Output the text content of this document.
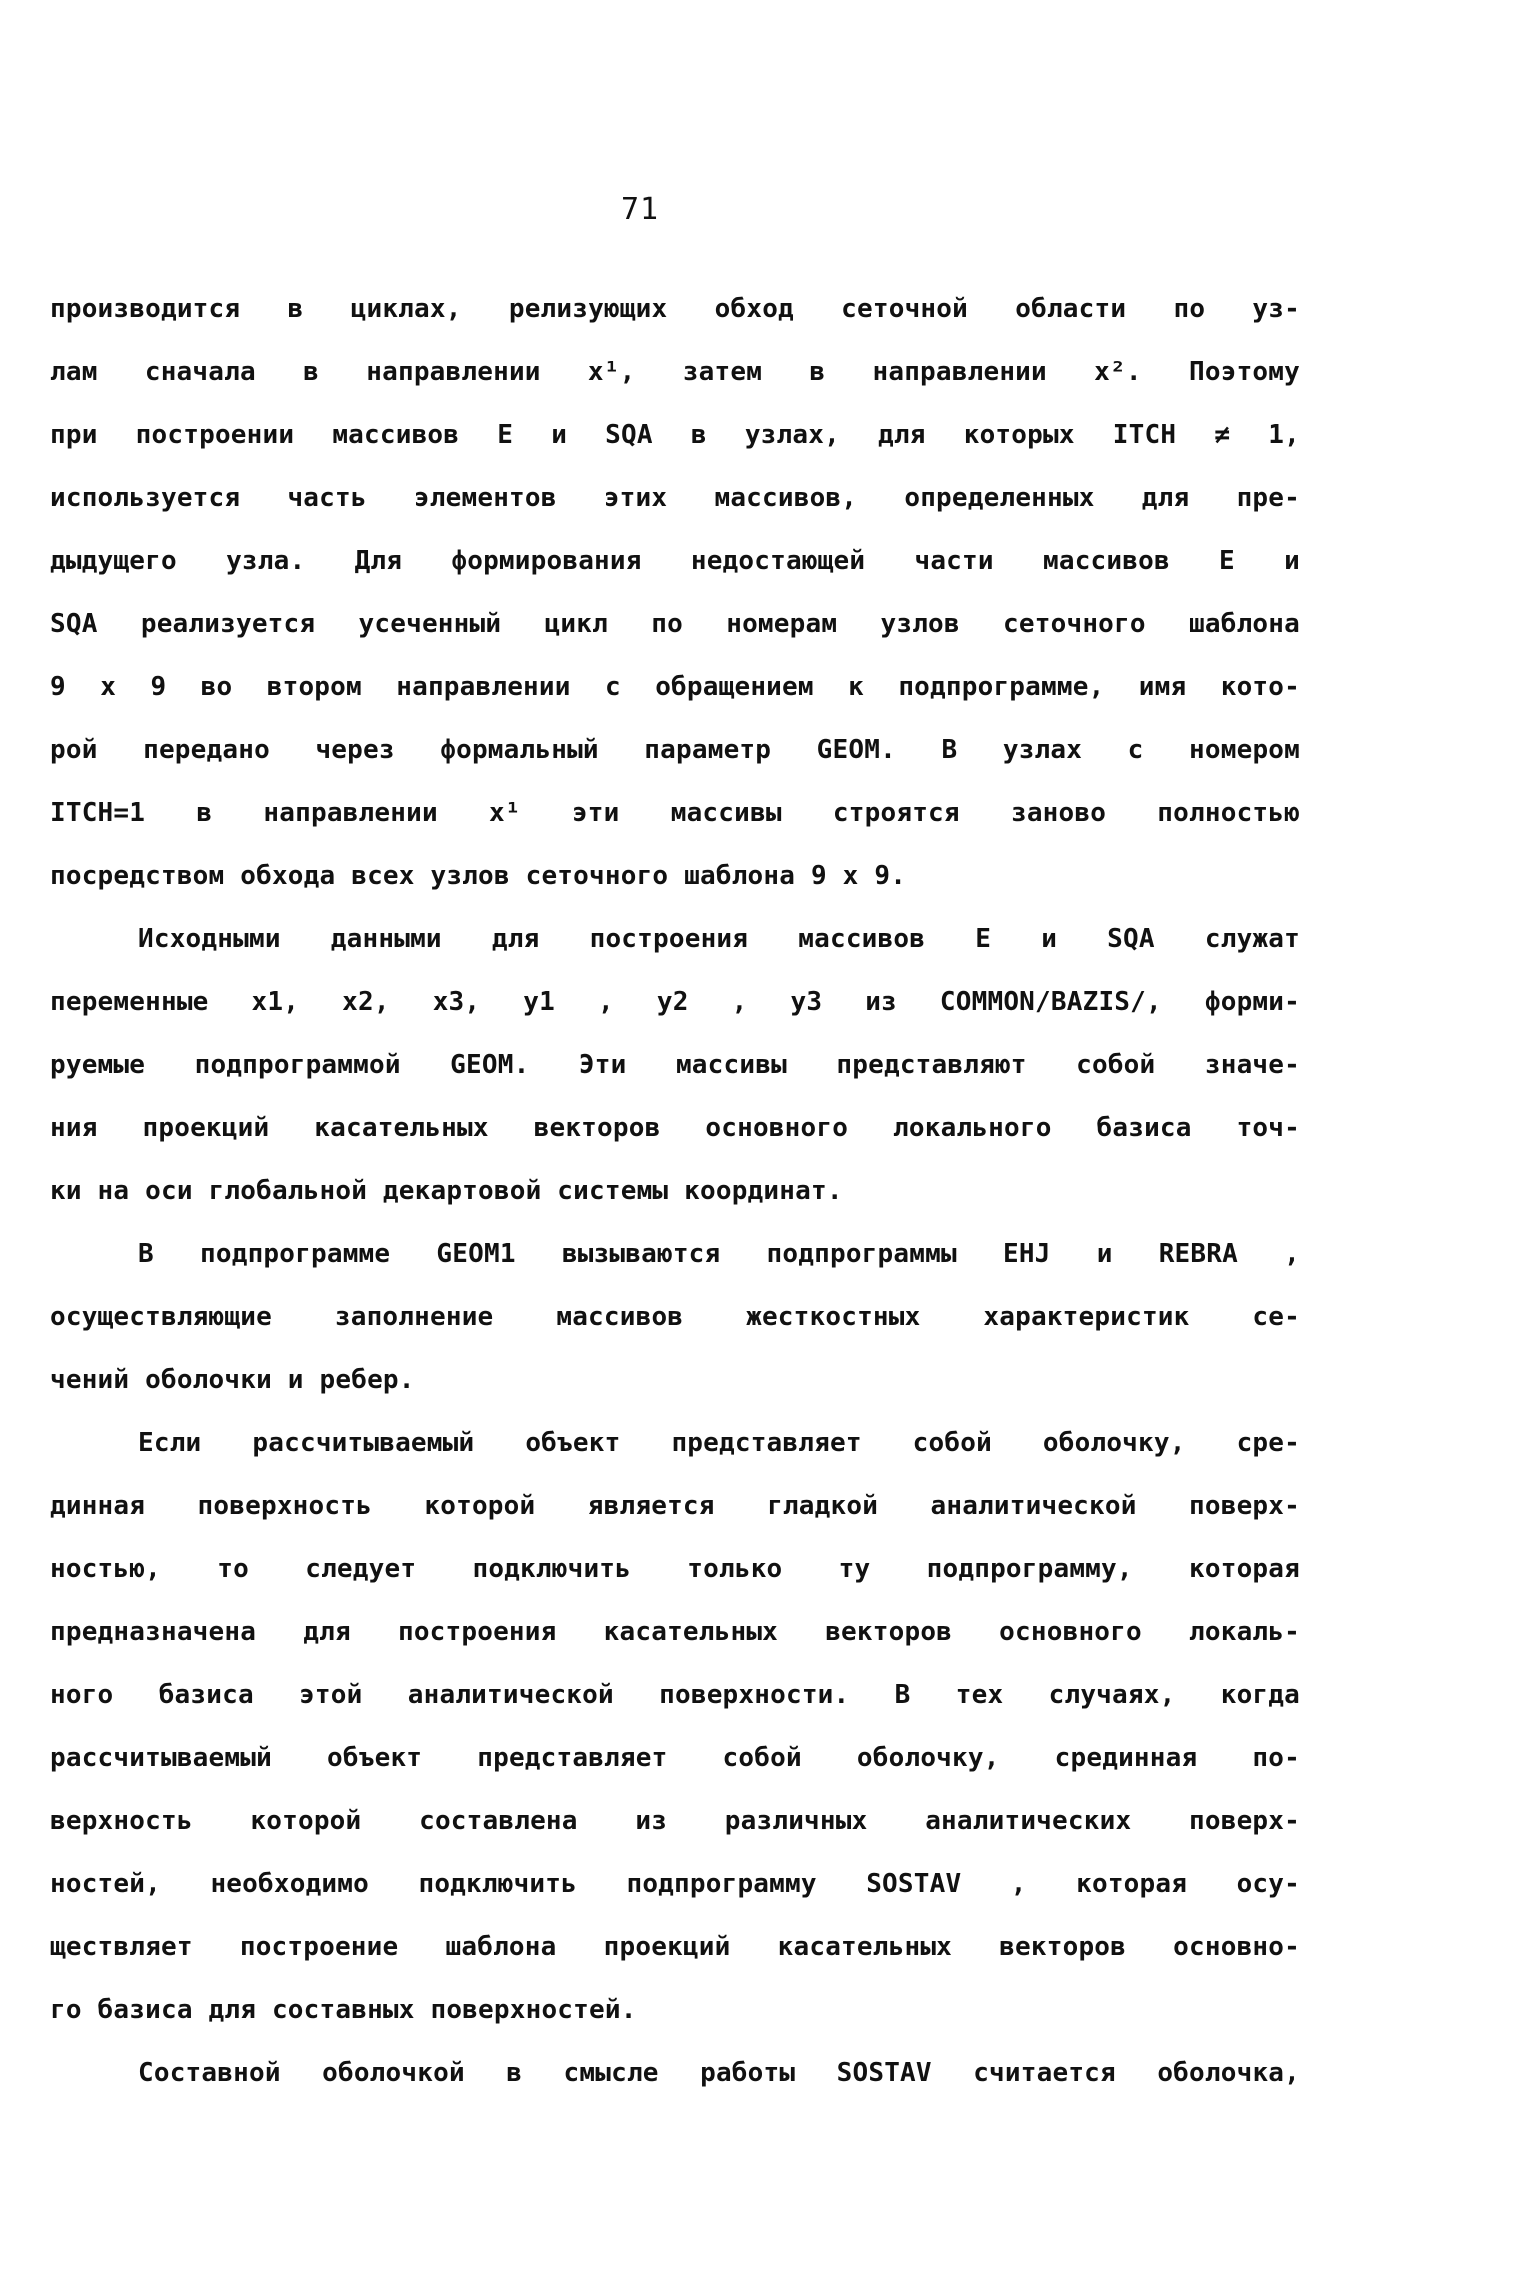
71
производится в циклах, релизующих обход сеточной области по уз-
лам сначала в направлении x¹, затем в направлении x². Поэтому
при построении массивов E и SQA в узлах, для которых ITCH ≠ 1,
используется часть элементов этих массивов, определенных для пре-
дыдущего узла. Для формирования недостающей части массивов E и
SQA реализуется усеченный цикл по номерам узлов сеточного шаблона
9 x 9 во втором направлении с обращением к подпрограмме, имя кото-
рой передано через формальный параметр GEOM. В узлах с номером
ITCH=1 в направлении x¹ эти массивы строятся заново полностью
посредством обхода всех узлов сеточного шаблона 9 x 9.
Исходными данными для построения массивов E и SQA служат
переменные x1, x2, x3, y1 , y2 , y3 из COMMON/BAZIS/, форми-
руемые подпрограммой GEOM. Эти массивы представляют собой значе-
ния проекций касательных векторов основного локального базиса точ-
ки на оси глобальной декартовой системы координат.
В подпрограмме GEOM1 вызываются подпрограммы EHJ и REBRA ,
осуществляющие заполнение массивов жесткостных характеристик се-
чений оболочки и ребер.
Если рассчитываемый объект представляет собой оболочку, сре-
динная поверхность которой является гладкой аналитической поверх-
ностью, то следует подключить только ту подпрограмму, которая
предназначена для построения касательных векторов основного локаль-
ного базиса этой аналитической поверхности. В тех случаях, когда
рассчитываемый объект представляет собой оболочку, срединная по-
верхность которой составлена из различных аналитических поверх-
ностей, необходимо подключить подпрограмму SOSTAV , которая осу-
ществляет построение шаблона проекций касательных векторов основно-
го базиса для составных поверхностей.
Составной оболочкой в смысле работы SOSTAV считается оболочка,
